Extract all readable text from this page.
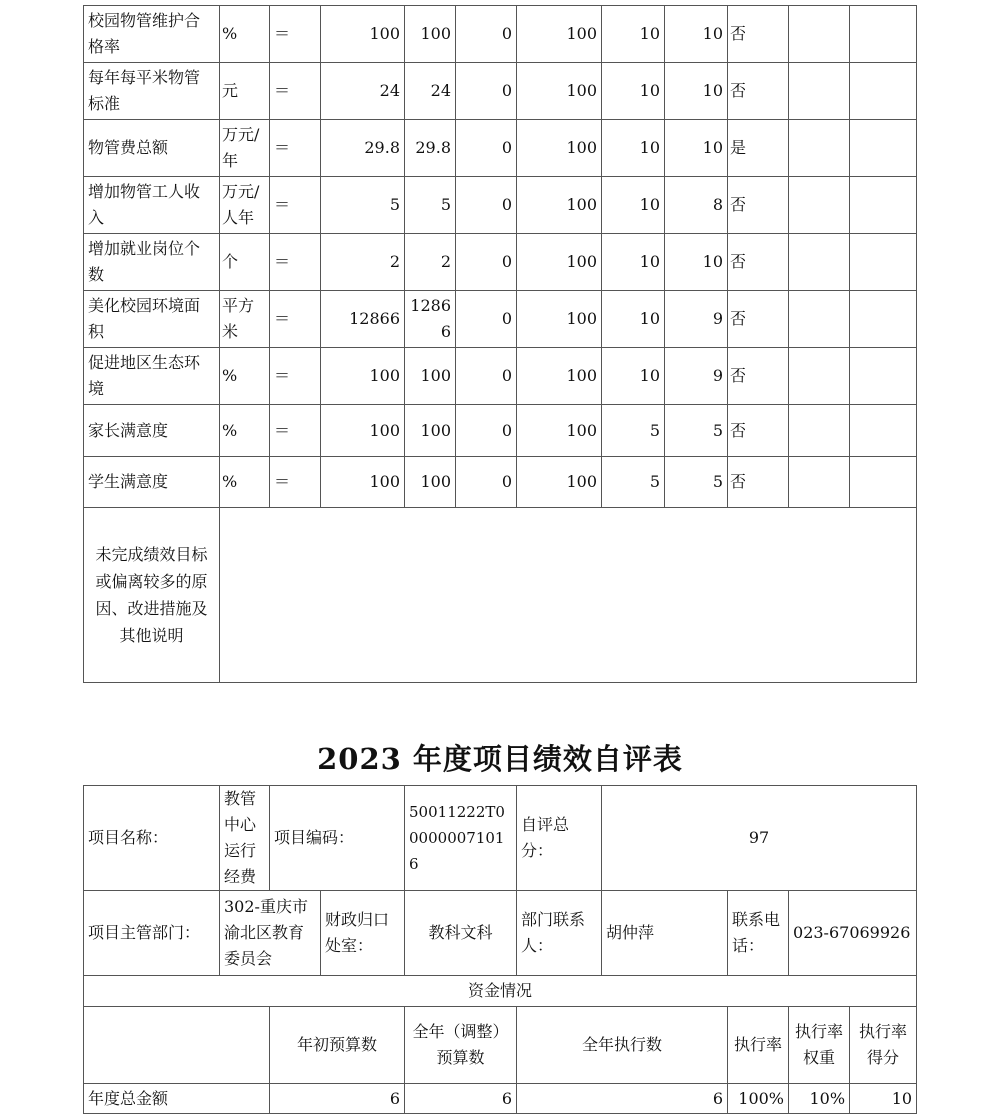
校园物管维护合格率	%	＝	100	100	0	100	10	10	否		
每年每平米物管标准	元	＝	24	24	0	100	10	10	否		
物管费总额	万元/年	＝	29.8	29.8	0	100	10	10	是		
增加物管工人收入	万元/人年	＝	5	5	0	100	10	8	否		
增加就业岗位个数	个	＝	2	2	0	100	10	10	否		
美化校园环境面积	平方米	＝	12866	12866	0	100	10	9	否		
促进地区生态环境	%	＝	100	100	0	100	10	9	否		
家长满意度	%	＝	100	100	0	100	5	5	否		
学生满意度	%	＝	100	100	0	100	5	5	否		
未完成绩效目标或偏离较多的原因、改进措施及其他说明											
2023 年度项目绩效自评表
项目名称：	教管中心运行经费	项目编码：		50011222T000000071016	自评总分：	97			
项目主管部门：	302-重庆市渝北区教育委员会		财政归口处室：	教科文科	部门联系人：	胡仲萍	联系电话：	023-67069926	
资金情况									
		年初预算数		全年（调整）预算数	全年执行数		执行率	执行率权重	执行率得分
年度总金额		6		6	6		100%	10%	10
